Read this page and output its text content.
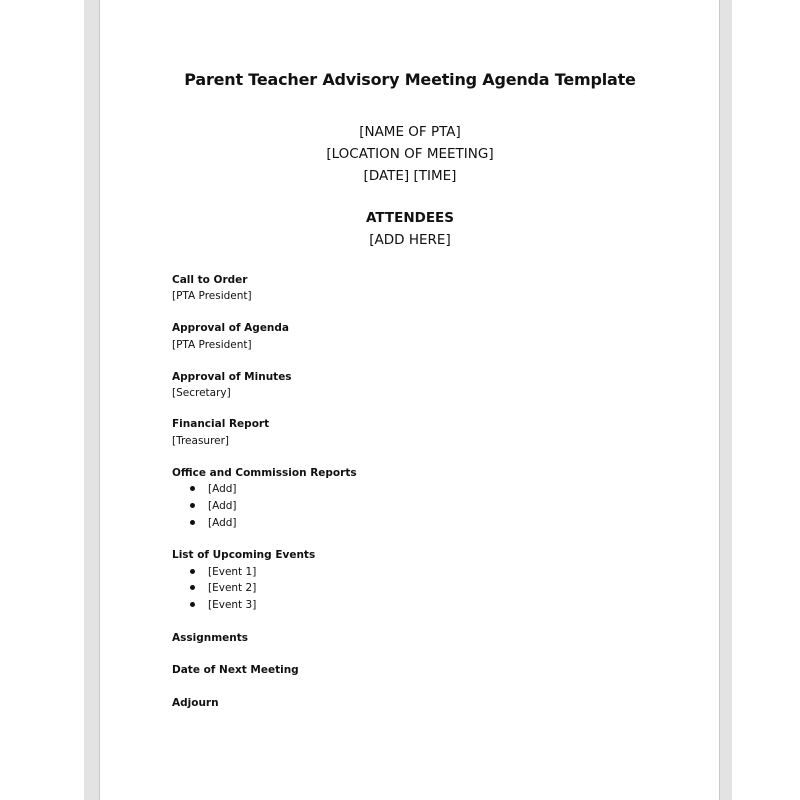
Parent Teacher Advisory Meeting Agenda Template
[NAME OF PTA]
[LOCATION OF MEETING]
[DATE] [TIME]
ATTENDEES
[ADD HERE]
Call to Order
[PTA President]
Approval of Agenda
[PTA President]
Approval of Minutes
[Secretary]
Financial Report
[Treasurer]
Office and Commission Reports
[Add]
[Add]
[Add]
List of Upcoming Events
[Event 1]
[Event 2]
[Event 3]
Assignments
Date of Next Meeting
Adjourn
